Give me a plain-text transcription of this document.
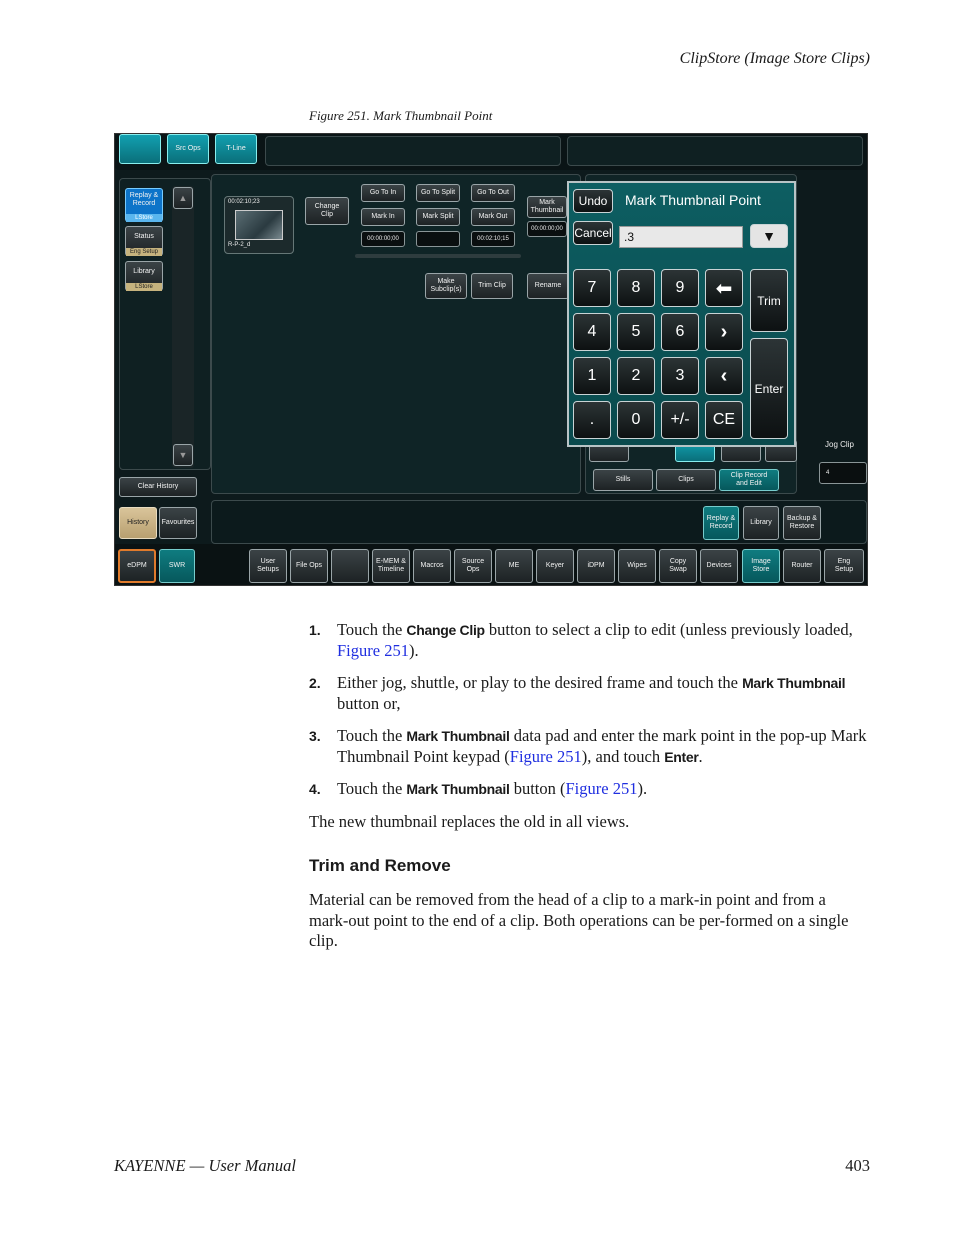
ClipStore (Image Store Clips)
Figure 251. Mark Thumbnail Point
Src Ops	T-Line
Replay &
Record
LStore
Status
Eng Setup
Library
LStore
▲
▼
Clear History
History	Favourites
00:02:10;23
R-P-2_d
Change
Clip
Go To In	Go To Split	Go To Out
Mark In	Mark Split	Mark Out
Mark
Thumbnail
00:00:00;00	00:02:10;15
00:00:00;00
Make
Subclip(s)
Trim Clip	Rename
Stills	Clips
Clip Record
and Edit
Jog Clip
4
Undo
Cancel
Mark Thumbnail Point
.3	▼
7	8	9	⬅
Trim
4	5	6	›
1	2	3	‹
Enter
.	0	+/-	CE
Replay &
Record
Library
Backup &
Restore
eDPM	SWR
User
Setups
File Ops
E-MEM &
Timeline
Macros
Source
Ops
ME	Keyer	iDPM	Wipes
Copy
Swap
Devices
Image
Store
Router
Eng
Setup
1. Touch the Change Clip button to select a clip to edit (unless previously loaded, Figure 251).
2. Either jog, shuttle, or play to the desired frame and touch the Mark Thumbnail button or,
3. Touch the Mark Thumbnail data pad and enter the mark point in the pop-up Mark Thumbnail Point keypad (Figure 251), and touch Enter.
4. Touch the Mark Thumbnail button (Figure 251).
The new thumbnail replaces the old in all views.
Trim and Remove
Material can be removed from the head of a clip to a mark-in point and from a mark-out point to the end of a clip. Both operations can be per-formed on a single clip.
KAYENNE — User Manual	403
